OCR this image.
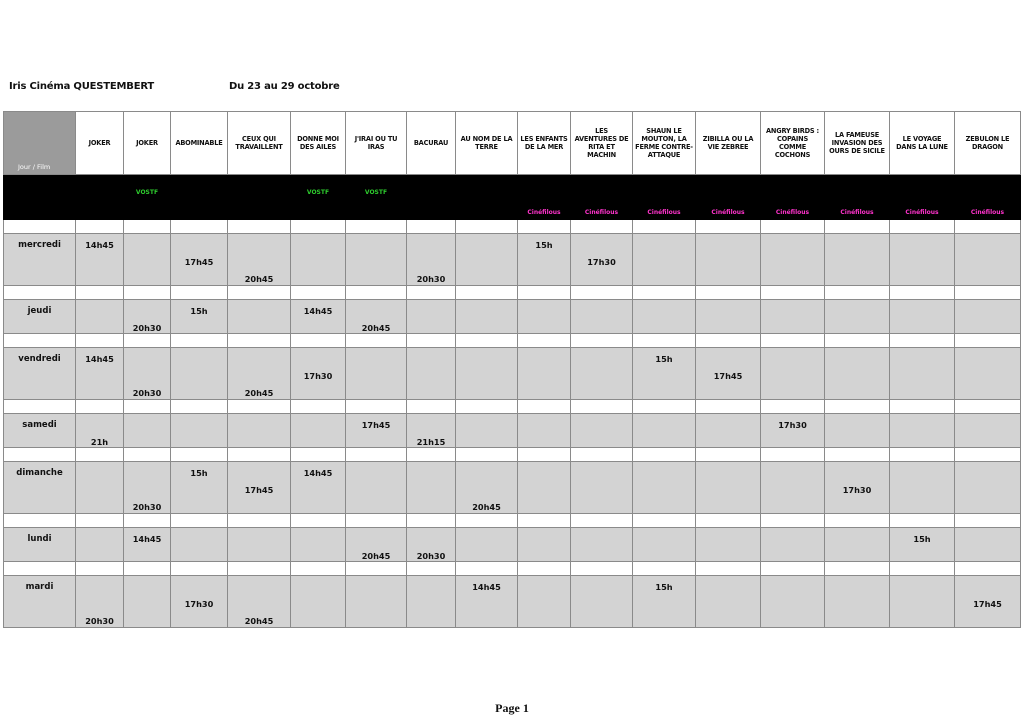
Iris Cinéma QUESTEMBERT	Du 23 au 29 octobre
Jour / Film	JOKER	JOKER	ABOMINABLE	CEUX QUI TRAVAILLENT	DONNE MOI DES AILES	J'IRAI OU TU IRAS	BACURAU	AU NOM DE LA TERRE	LES ENFANTS DE LA MER	LES AVENTURES DE RITA ET MACHIN	SHAUN LE MOUTON, LA FERME CONTRE-ATTAQUE	ZIBILLA OU LA VIE ZEBREE	ANGRY BIRDS : COPAINS COMME COCHONS	LA FAMEUSE INVASION DES OURS DE SICILE	LE VOYAGE DANS LA LUNE	ZEBULON LE DRAGON

		VOSTF			VOSTF	VOSTF			Cinéfilous	Cinéfilous	Cinéfilous	Cinéfilous	Cinéfilous	Cinéfilous	Cinéfilous	Cinéfilous

mercredi	14h45		17h45	20h45			20h30		15h	17h30						

jeudi		20h30	15h		14h45	20h45										

vendredi	14h45	20h30		20h45	17h30						15h	17h45				

samedi	21h					17h45	21h15						17h30			

dimanche		20h30	15h	17h45	14h45			20h45						17h30		

lundi		14h45				20h45	20h30								15h	

mardi	20h30		17h30	20h45				14h45			15h					17h45
Page 1
